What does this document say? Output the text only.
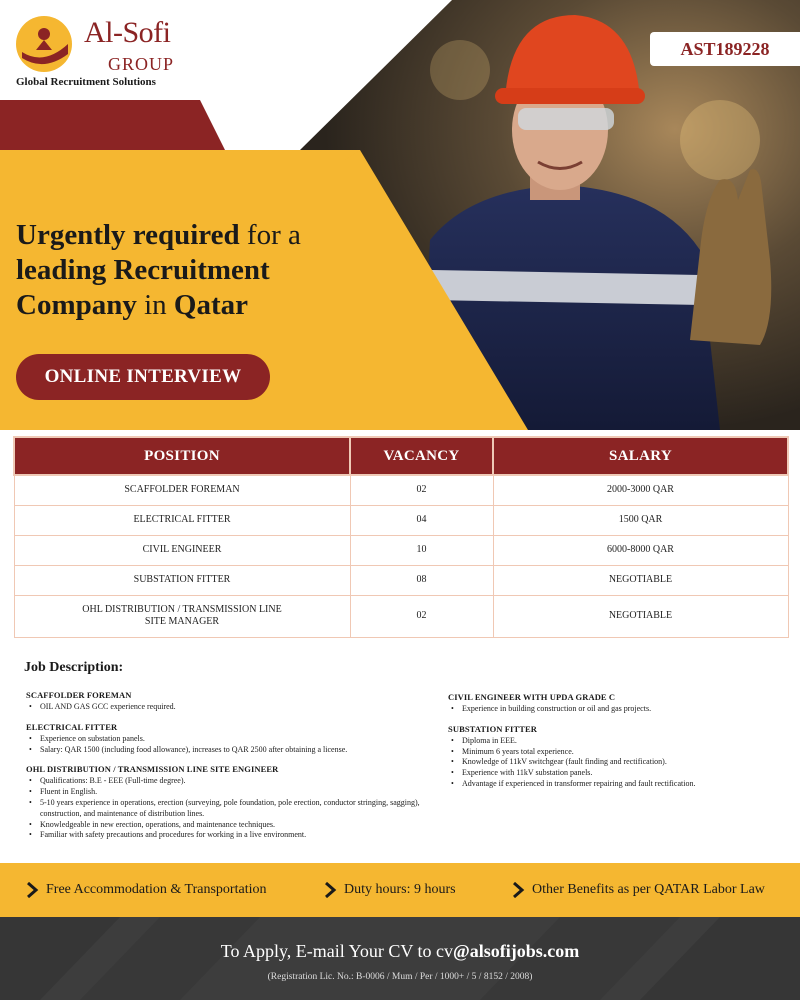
Al-Sofi
GROUP
Global Recruitment Solutions
AST189228
Urgently required for a leading Recruitment Company in Qatar
ONLINE INTERVIEW
POSITION	VACANCY	SALARY
SCAFFOLDER FOREMAN	02	2000-3000 QAR
ELECTRICAL FITTER	04	1500 QAR
CIVIL ENGINEER	10	6000-8000 QAR
SUBSTATION FITTER	08	NEGOTIABLE
OHL DISTRIBUTION / TRANSMISSION LINE
SITE MANAGER	02	NEGOTIABLE
Job Description:
SCAFFOLDER FOREMAN
• OIL AND GAS GCC experience required.
ELECTRICAL FITTER
• Experience on substation panels.
• Salary: QAR 1500 (including food allowance), increases to QAR 2500 after obtaining a license.
OHL DISTRIBUTION / TRANSMISSION LINE SITE ENGINEER
• Qualifications: B.E - EEE (Full-time degree).
• Fluent in English.
• 5-10 years experience in operations, erection (surveying, pole foundation, pole erection, conductor stringing, sagging), construction, and maintenance of distribution lines.
• Knowledgeable in new erection, operations, and maintenance techniques.
• Familiar with safety precautions and procedures for working in a live environment.
CIVIL ENGINEER WITH UPDA GRADE C
• Experience in building construction or oil and gas projects.
SUBSTATION FITTER
• Diploma in EEE.
• Minimum 6 years total experience.
• Knowledge of 11kV switchgear (fault finding and rectification).
• Experience with 11kV substation panels.
• Advantage if experienced in transformer repairing and fault rectification.
Free Accommodation & Transportation	Duty hours: 9 hours	Other Benefits as per QATAR Labor Law
To Apply, E-mail Your CV to cv@alsofijobs.com
(Registration Lic. No.: B-0006 / Mum / Per / 1000+ / 5 / 8152 / 2008)
